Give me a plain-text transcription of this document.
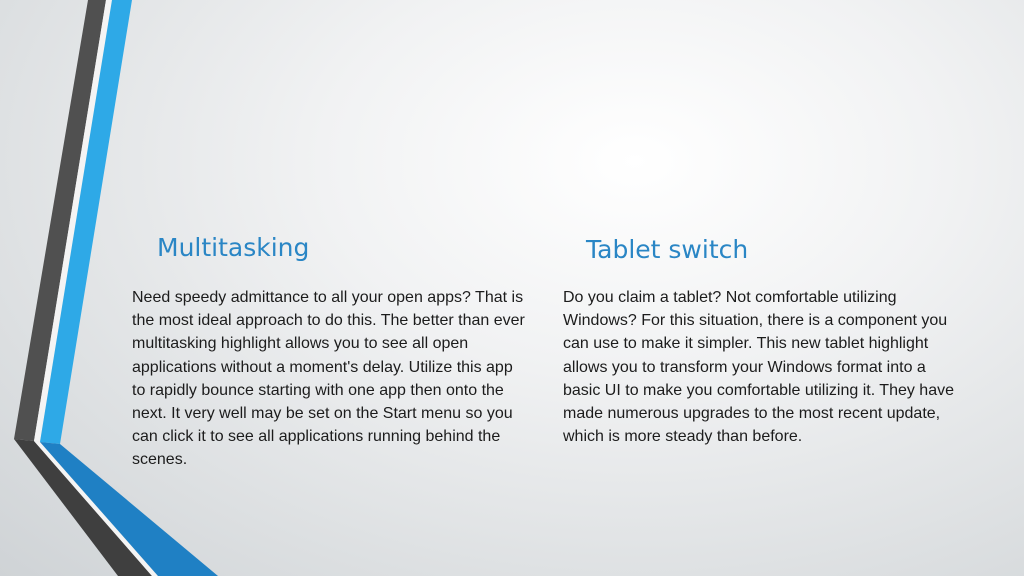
Multitasking

Need speedy admittance to all your open apps? That is the most ideal approach to do this. The better than ever multitasking highlight allows you to see all open applications without a moment's delay. Utilize this app to rapidly bounce starting with one app then onto the next. It very well may be set on the Start menu so you can click it to see all applications running behind the scenes.

Tablet switch

Do you claim a tablet? Not comfortable utilizing Windows? For this situation, there is a component you can use to make it simpler. This new tablet highlight allows you to transform your Windows format into a basic UI to make you comfortable utilizing it. They have made numerous upgrades to the most recent update, which is more steady than before.
